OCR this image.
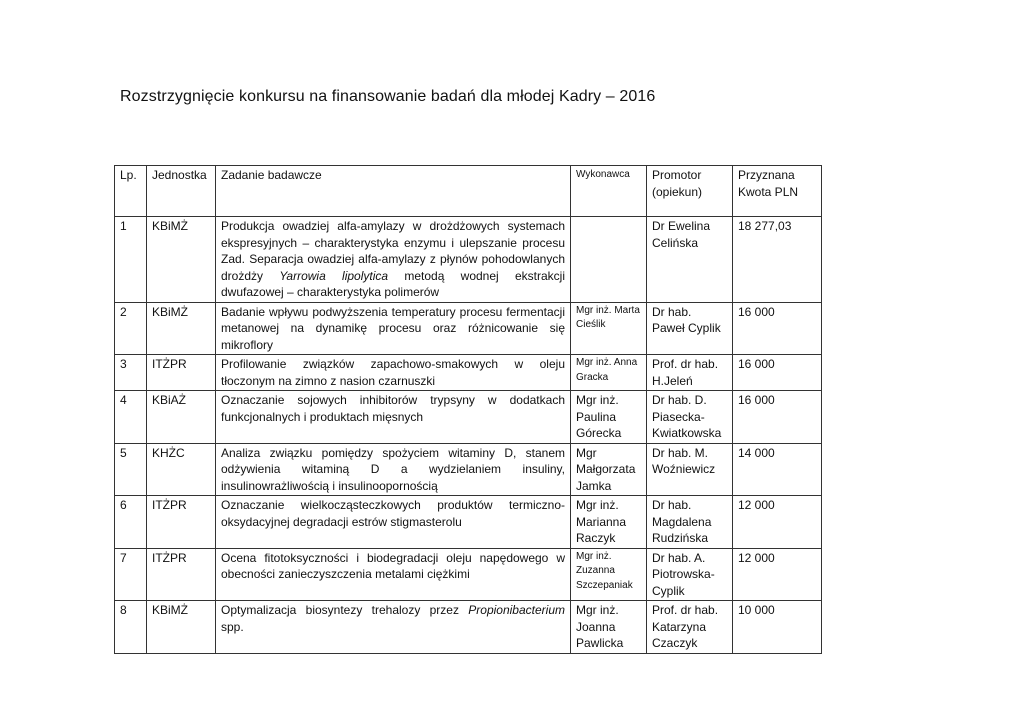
Rozstrzygnięcie konkursu na finansowanie badań dla młodej Kadry – 2016
Lp.	Jednostka	Zadanie badawcze	Wykonawca	Promotor (opiekun)	Przyznana Kwota PLN
1	KBiMŻ	Produkcja owadziej alfa-amylazy w drożdżowych systemach ekspresyjnych – charakterystyka enzymu i ulepszanie procesu Zad. Separacja owadziej alfa-amylazy z płynów pohodowlanych drożdży Yarrowia lipolytica metodą wodnej ekstrakcji dwufazowej – charakterystyka polimerów		Dr Ewelina Celińska	18 277,03
2	KBiMŻ	Badanie wpływu podwyższenia temperatury procesu fermentacji metanowej na dynamikę procesu oraz różnicowanie się mikroflory	Mgr inż. Marta Cieślik	Dr hab. Paweł Cyplik	16 000
3	ITŻPR	Profilowanie związków zapachowo-smakowych w oleju tłoczonym na zimno z nasion czarnuszki	Mgr inż. Anna Gracka	Prof. dr hab. H.Jeleń	16 000
4	KBiAŻ	Oznaczanie sojowych inhibitorów trypsyny w dodatkach funkcjonalnych i produktach mięsnych	Mgr inż. Paulina Górecka	Dr hab. D. Piasecka-Kwiatkowska	16 000
5	KHŻC	Analiza związku pomiędzy spożyciem witaminy D, stanem odżywienia witaminą D a wydzielaniem insuliny, insulinowrażliwością i insulinoopornością	Mgr Małgorzata Jamka	Dr hab. M. Woźniewicz	14 000
6	ITŻPR	Oznaczanie wielkocząsteczkowych produktów termiczno-oksydacyjnej degradacji estrów stigmasterolu	Mgr inż. Marianna Raczyk	Dr hab. Magdalena Rudzińska	12 000
7	ITŻPR	Ocena fitotoksyczności i biodegradacji oleju napędowego w obecności zanieczyszczenia metalami ciężkimi	Mgr inż. Zuzanna Szczepaniak	Dr hab. A. Piotrowska-Cyplik	12 000
8	KBiMŻ	Optymalizacja biosyntezy trehalozy przez Propionibacterium spp.	Mgr inż. Joanna Pawlicka	Prof. dr hab. Katarzyna Czaczyk	10 000
